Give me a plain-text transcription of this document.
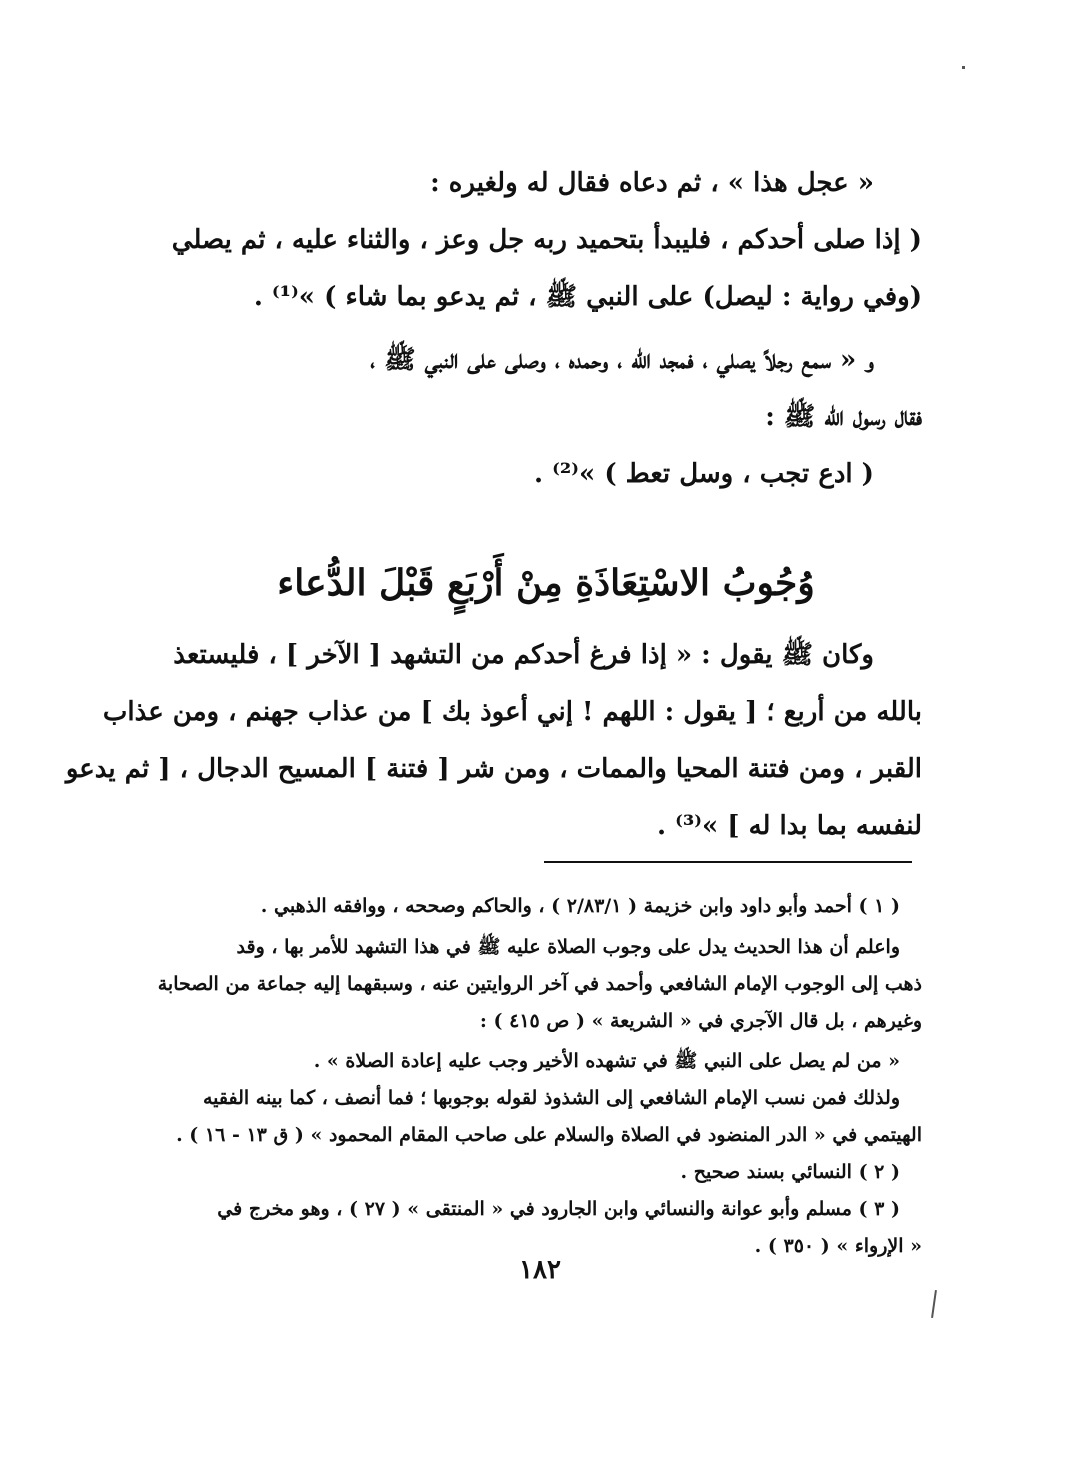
« عجل هذا » ، ثم دعاه فقال له ولغيره :
( إذا صلى أحدكم ، فليبدأ بتحميد ربه جل وعز ، والثناء عليه ، ثم يصلي
(وفي رواية : ليصل) على النبي ﷺ ، ثم يدعو بما شاء ) »⁽¹⁾ .
و « سمع رجلاً يصلي ، فمجد الله ، وحمده ، وصلى على النبي ﷺ ،
فقال رسول الله ﷺ :
( ادع تجب ، وسل تعط ) »⁽²⁾ .
وُجُوبُ الاسْتِعَاذَةِ مِنْ أَرْبَعٍ قَبْلَ الدُّعاء
وكان ﷺ يقول : « إذا فرغ أحدكم من التشهد [ الآخر ] ، فليستعذ
بالله من أربع ؛ [ يقول : اللهم ! إني أعوذ بك ] من عذاب جهنم ، ومن عذاب
القبر ، ومن فتنة المحيا والممات ، ومن شر [ فتنة ] المسيح الدجال ، [ ثم يدعو
لنفسه بما بدا له ] »⁽³⁾ .
( ١ ) أحمد وأبو داود وابن خزيمة ( ٢/٨٣/١ ) ، والحاكم وصححه ، ووافقه الذهبي .
واعلم أن هذا الحديث يدل على وجوب الصلاة عليه ﷺ في هذا التشهد للأمر بها ، وقد
ذهب إلى الوجوب الإمام الشافعي وأحمد في آخر الروايتين عنه ، وسبقهما إليه جماعة من الصحابة
وغيرهم ، بل قال الآجري في « الشريعة » ( ص ٤١٥ ) :
« من لم يصل على النبي ﷺ في تشهده الأخير وجب عليه إعادة الصلاة » .
ولذلك فمن نسب الإمام الشافعي إلى الشذوذ لقوله بوجوبها ؛ فما أنصف ، كما بينه الفقيه
الهيتمي في « الدر المنضود في الصلاة والسلام على صاحب المقام المحمود » ( ق ١٣ - ١٦ ) .
( ٢ ) النسائي بسند صحيح .
( ٣ ) مسلم وأبو عوانة والنسائي وابن الجارود في « المنتقى » ( ٢٧ ) ، وهو مخرج في
« الإرواء » ( ٣٥٠ ) .
١٨٢
